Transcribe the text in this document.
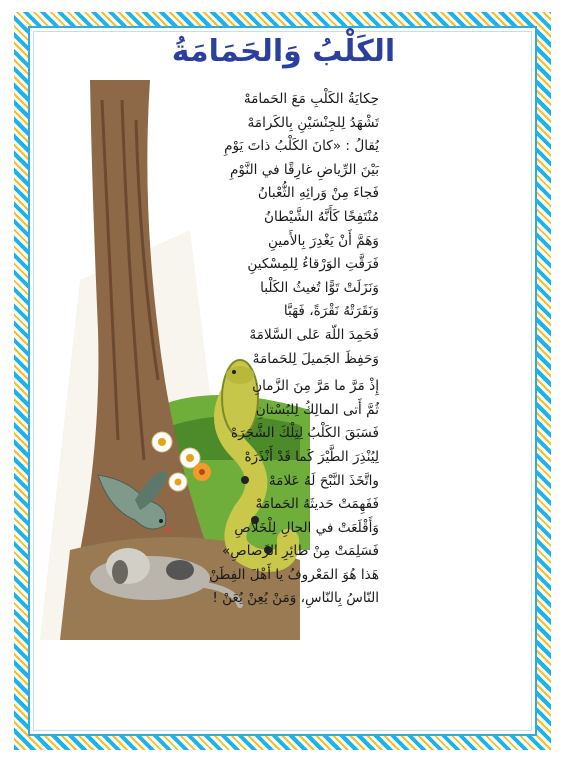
الكَلْبُ وَالحَمَامَةُ
حِكايَةُ الكَلْبِ مَعَ الحَمامَهْ
تَشْهَدُ لِلجِنْسَيْنِ بِالكَرامَهْ
يُقالُ : «كانَ الكَلْبُ ذاتَ يَوْمِ
بَيْنَ الرِّياضِ غارِقًا في النَّوْمِ
فَجاءَ مِنْ وَرائِهِ الثُّعْبانُ
مُنْتَفِخًا كَأَنَّهُ الشَّيْطانُ
وَهَمَّ أَنْ يَغْدِرَ بِالأَمينِ
فَرَقَّتِ الوَرْقاءُ لِلمِسْكينِ
وَنَزَلَتْ تَوًّا تُغيثُ الكَلْبا
وَنَقَرَتْهُ نَقْرَةً، فَهَبَّا
فَحَمِدَ اللّهَ عَلى السَّلامَهْ
وَحَفِظَ الجَميلَ لِلحَمامَهْ
إِذْ مَرَّ ما مَرَّ مِنَ الزَّمانِ
ثُمَّ أَتى المالِكُ لِلبُسْتانِ
فَسَبَقَ الكَلْبُ لِتِلْكَ الشَّجَرَهْ
لِيُنْذِرَ الطَّيْرَ كَما قَدْ أَنْذَرَهْ
واتَّخَذَ النَّبْحَ لَهُ عَلامَهْ
فَفَهِمَتْ حَديثَهُ الحَمامَهْ
وَأَقْلَعَتْ في الحالِ لِلْخَلاصِ
فَسَلِمَتْ مِنْ طائِرِ الرَّصاصِ»
هَذا هُوَ المَعْروفُ يا أَهْلَ الفِطَنْ
النّاسُ بِالنّاسِ، وَمَنْ يُعِنْ يُعَنْ !
